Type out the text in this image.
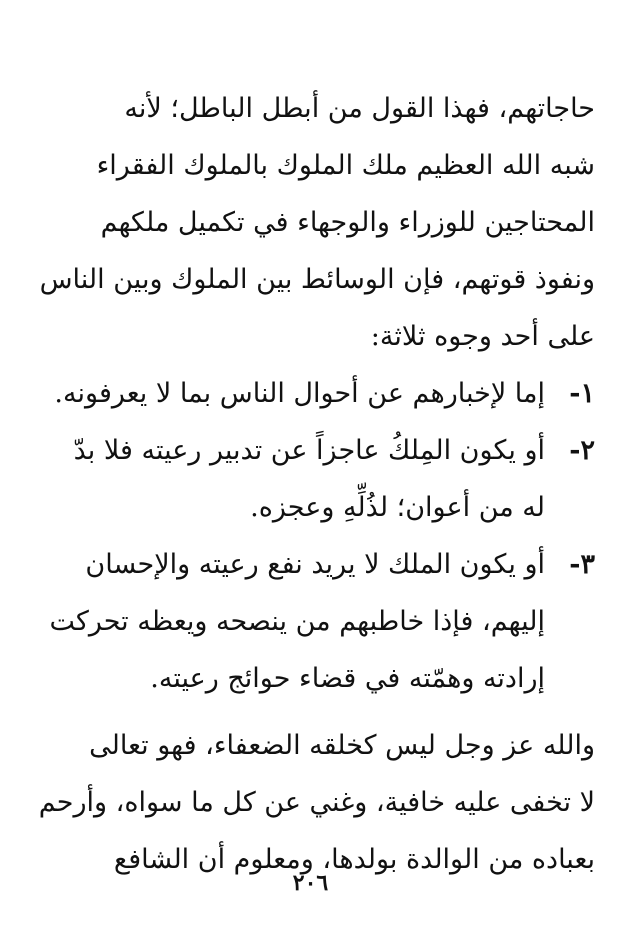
حاجاتهم، فهذا القول من أبطل الباطل؛ لأنه
شبه الله العظيم ملك الملوك بالملوك الفقراء
المحتاجين للوزراء والوجهاء في تكميل ملكهم
ونفوذ قوتهم، فإن الوسائط بين الملوك وبين الناس
على أحد وجوه ثلاثة:
١-
إما لإخبارهم عن أحوال الناس بما لا يعرفونه.
٢-
أو يكون المِلكُ عاجزاً عن تدبير رعيته فلا بدّ
له من أعوان؛ لذُلِّهِ وعجزه.
٣-
أو يكون الملك لا يريد نفع رعيته والإحسان
إليهم، فإذا خاطبهم من ينصحه ويعظه تحركت
إرادته وهمّته في قضاء حوائج رعيته.
والله عز وجل ليس كخلقه الضعفاء، فهو تعالى
لا تخفى عليه خافية، وغني عن كل ما سواه، وأرحم
بعباده من الوالدة بولدها، ومعلوم أن الشافع
٢٠٦
